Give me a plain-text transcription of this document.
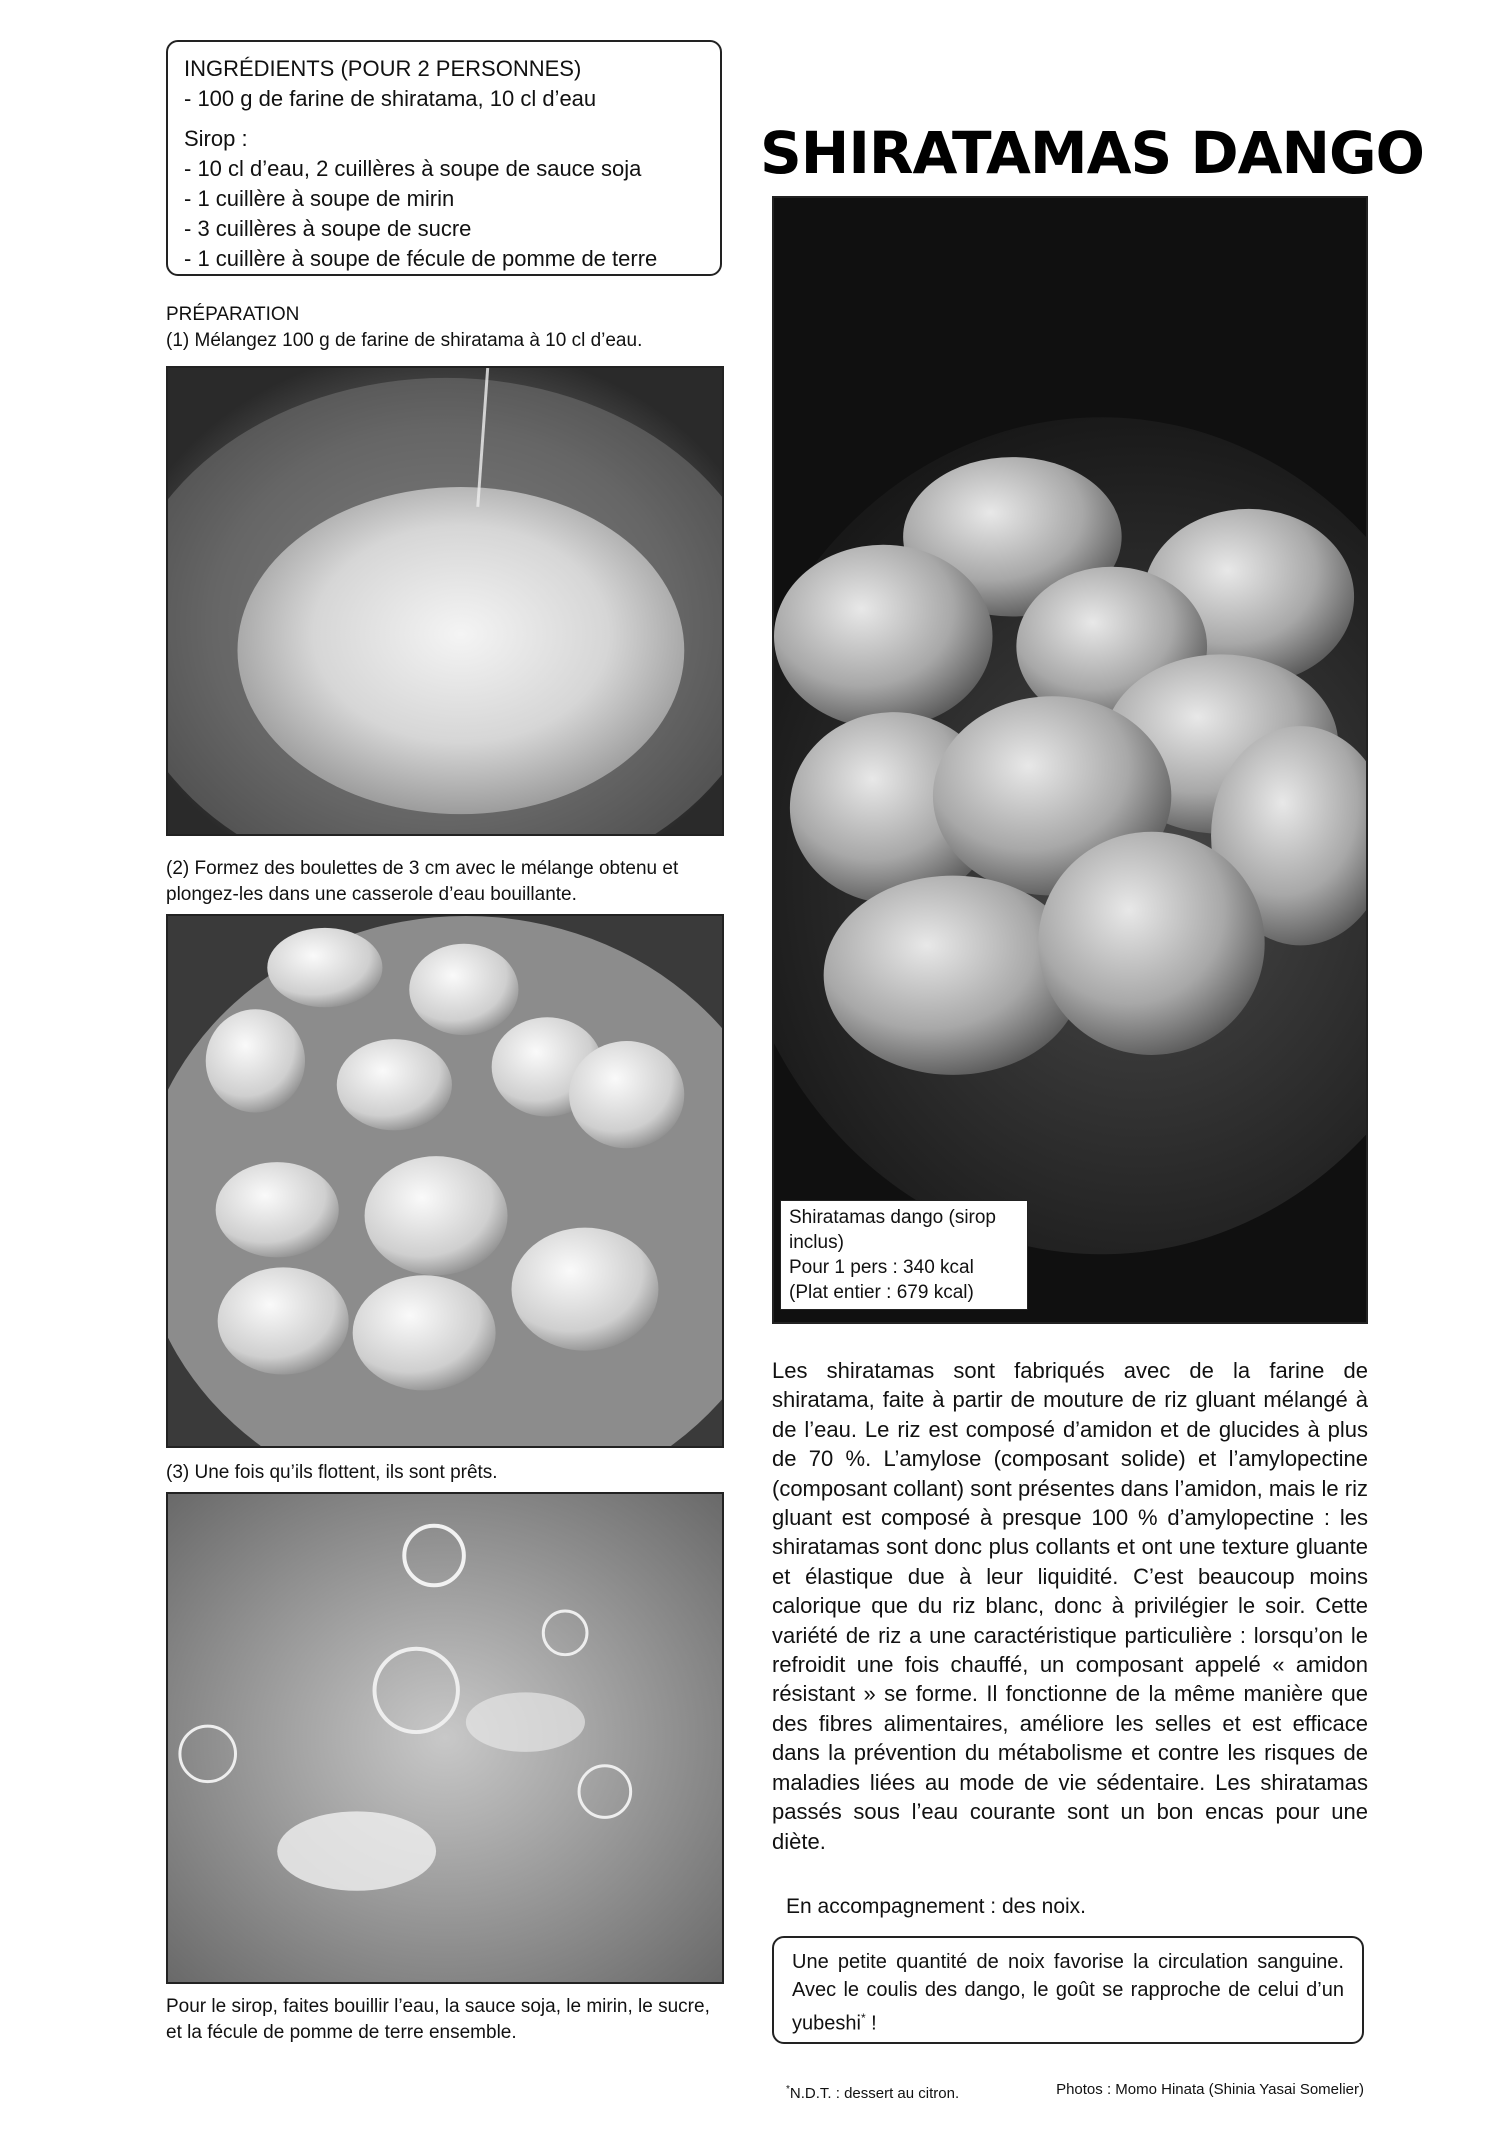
INGRÉDIENTS (POUR 2 PERSONNES)
- 100 g de farine de shiratama, 10 cl d’eau
Sirop :
- 10 cl d’eau, 2 cuillères à soupe de sauce soja
- 1 cuillère à soupe de mirin
- 3 cuillères à soupe de sucre
- 1 cuillère à soupe de fécule de pomme de terre
SHIRATAMAS DANGO
PRÉPARATION
(1) Mélangez 100 g de farine de shiratama à 10 cl d’eau.
(2) Formez des boulettes de 3 cm avec le mélange obtenu et plongez-les dans une casserole d’eau bouillante.
(3) Une fois qu’ils flottent, ils sont prêts.
Pour le sirop, faites bouillir l’eau, la sauce soja, le mirin, le sucre, et la fécule de pomme de terre ensemble.
Shiratamas dango (sirop
inclus)
Pour 1 pers : 340 kcal
(Plat entier : 679 kcal)
Les shiratamas sont fabriqués avec de la farine de shiratama, faite à partir de mouture de riz gluant mélangé à de l’eau. Le riz est composé d’amidon et de glucides à plus de 70 %. L’amylose (composant solide) et l’amylopectine (composant collant) sont présentes dans l’amidon, mais le riz gluant est composé à presque 100 % d’amylopectine : les shiratamas sont donc plus collants et ont une texture gluante et élastique due à leur liquidité. C’est beaucoup moins calorique que du riz blanc, donc à privilégier le soir. Cette variété de riz a une caractéristique particulière : lorsqu’on le refroidit une fois chauffé, un composant appelé « amidon résistant » se forme. Il fonctionne de la même manière que des fibres alimentaires, améliore les selles et est efficace dans la prévention du métabolisme et contre les risques de maladies liées au mode de vie sédentaire. Les shiratamas passés sous l’eau courante sont un bon encas pour une diète.
En accompagnement : des noix.
Une petite quantité de noix favorise la circulation sanguine. Avec le coulis des dango, le goût se rapproche de celui d’un yubeshi* !
*N.D.T. : dessert au citron.	Photos : Momo Hinata (Shinia Yasai Somelier)
